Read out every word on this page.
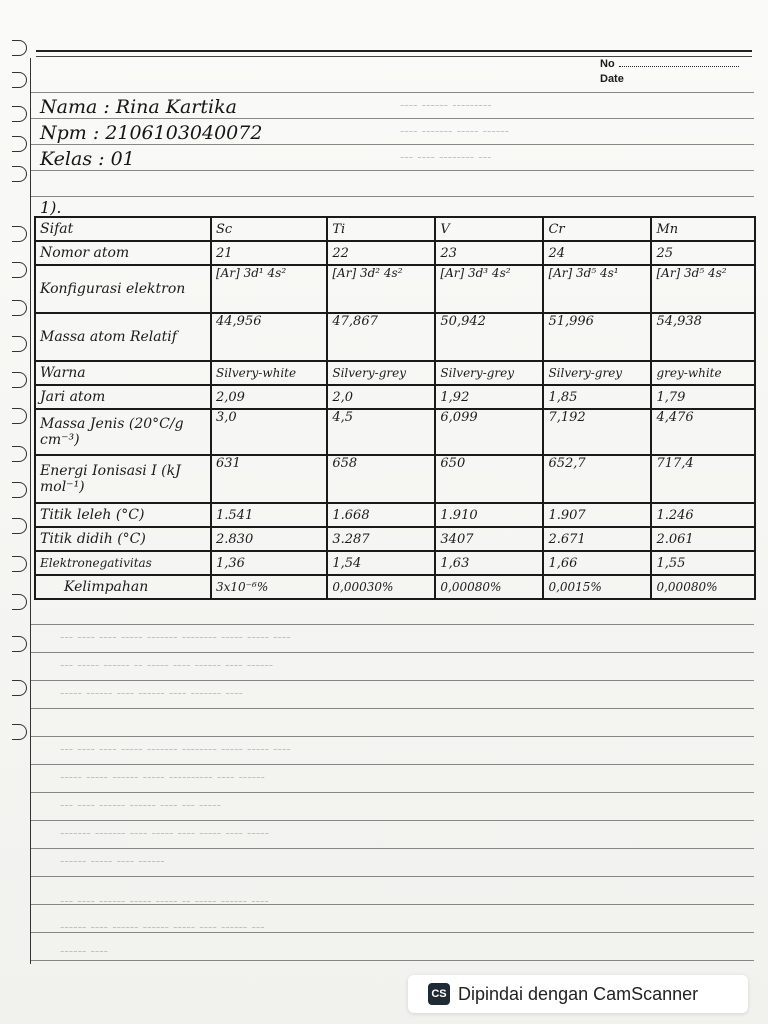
No
Date
---- ------ ---------
---- ------- ----- ------
--- ---- -------- ---
--- ---- ---- ----- ------- -------- ----- ----- ----
--- ----- ------ -- ----- ---- ------ ---- ------
----- ------ ---- ------ ---- ------- ----
--- ---- ---- ----- ------- -------- ----- ----- ----
----- ----- ------ ----- ---------- ---- ------
--- ---- ------ ------ ---- --- -----
------- ------- ---- ----- ---- ----- ---- -----
------ ----- ---- ------
--- ---- ------ ----- ----- -- ----- ------ ----
------ ---- ------ ------ ----- ---- ------ ---
------ ----
Nama : Rina Kartika
Npm : 2106103040072
Kelas : 01
1).
Sifat	Sc	Ti	V	Cr	Mn
Nomor atom	21	22	23	24	25
Konfigurasi elektron	[Ar] 3d¹ 4s²	[Ar] 3d² 4s²	[Ar] 3d³ 4s²	[Ar] 3d⁵ 4s¹	[Ar] 3d⁵ 4s²
Massa atom Relatif	44,956	47,867	50,942	51,996	54,938
Warna	Silvery-white	Silvery-grey	Silvery-grey	Silvery-grey	grey-white
Jari atom	2,09	2,0	1,92	1,85	1,79
Massa Jenis (20°C/g cm⁻³)	3,0	4,5	6,099	7,192	4,476
Energi Ionisasi I (kJ mol⁻¹)	631	658	650	652,7	717,4
Titik leleh (°C)	1.541	1.668	1.910	1.907	1.246
Titik didih (°C)	2.830	3.287	3407	2.671	2.061
Elektronegativitas	1,36	1,54	1,63	1,66	1,55
Kelimpahan	3x10⁻⁶%	0,00030%	0,00080%	0,0015%	0,00080%
CS Dipindai dengan CamScanner
